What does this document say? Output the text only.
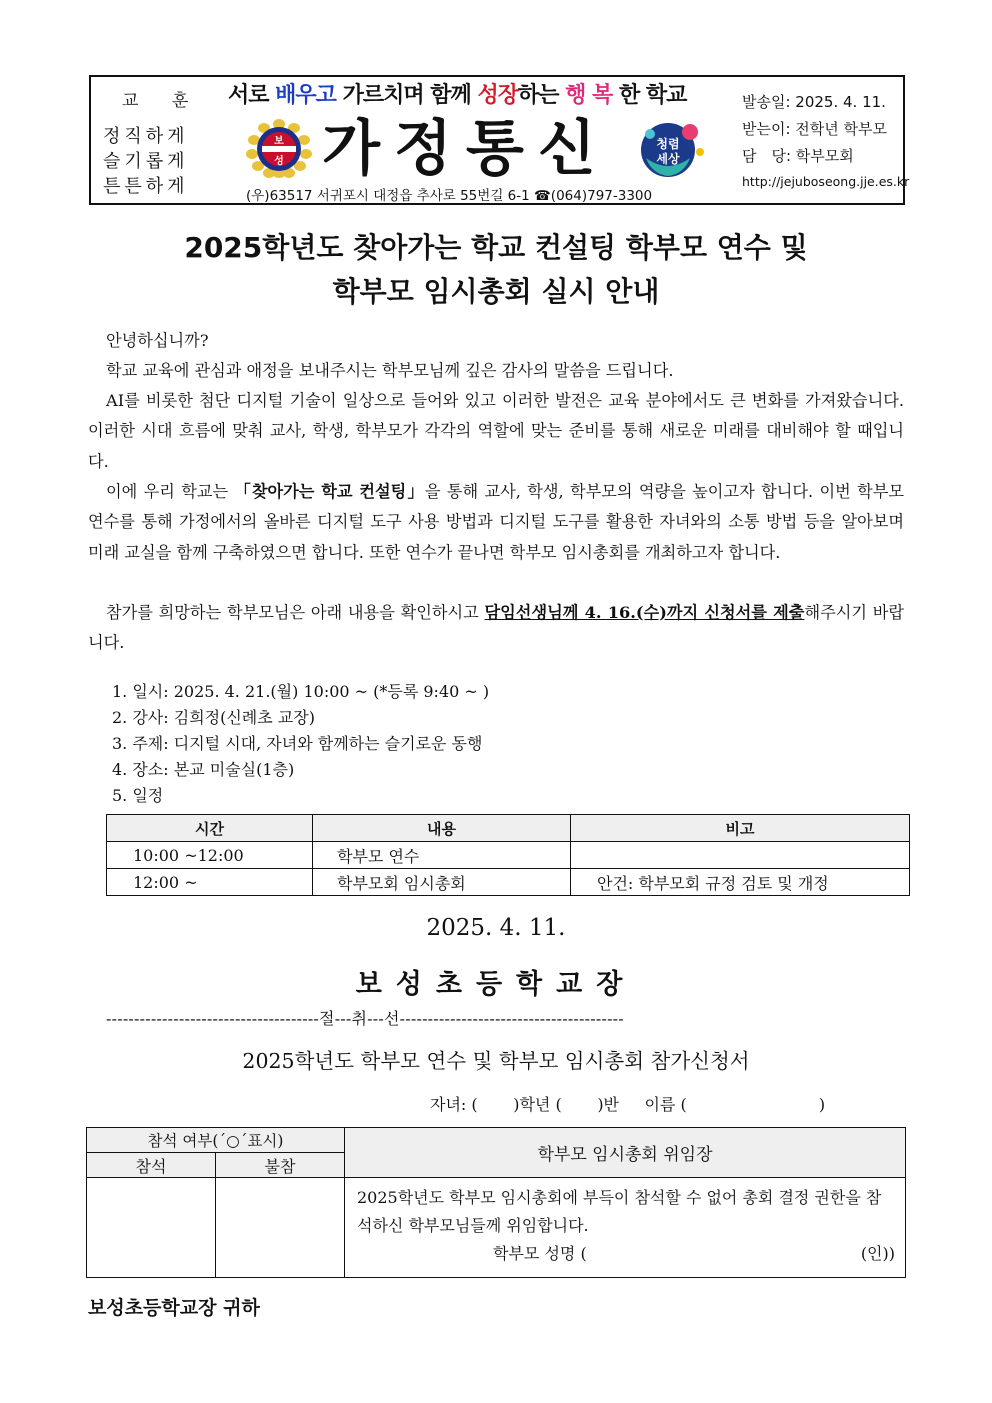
교 훈
정직하게
슬기롭게
튼튼하게
서로 배우고 가르치며 함께 성장하는 행 복 한 학교
보
성 가정통신	청렴
세상
(우)63517 서귀포시 대정읍 추사로 55번길 6-1 ☎(064)797-3300
발송일: 2025. 4. 11.
받는이: 전학년 학부모
담　당: 학부모회
http://jejuboseong.jje.es.kr
2025학년도 찾아가는 학교 컨설팅 학부모 연수 및
학부모 임시총회 실시 안내
안녕하십니까?
학교 교육에 관심과 애정을 보내주시는 학부모님께 깊은 감사의 말씀을 드립니다.
AI를 비롯한 첨단 디지털 기술이 일상으로 들어와 있고 이러한 발전은 교육 분야에서도 큰 변화를 가져왔습니다. 이러한 시대 흐름에 맞춰 교사, 학생, 학부모가 각각의 역할에 맞는 준비를 통해 새로운 미래를 대비해야 할 때입니다.
이에 우리 학교는 「찾아가는 학교 컨설팅」을 통해 교사, 학생, 학부모의 역량을 높이고자 합니다. 이번 학부모 연수를 통해 가정에서의 올바른 디지털 도구 사용 방법과 디지털 도구를 활용한 자녀와의 소통 방법 등을 알아보며 미래 교실을 함께 구축하였으면 합니다. 또한 연수가 끝나면 학부모 임시총회를 개최하고자 합니다.
참가를 희망하는 학부모님은 아래 내용을 확인하시고 담임선생님께 4. 16.(수)까지 신청서를 제출해주시기 바랍니다.
1. 일시: 2025. 4. 21.(월) 10:00 ~ (*등록 9:40 ~ )
2. 강사: 김희정(신례초 교장)
3. 주제: 디지털 시대, 자녀와 함께하는 슬기로운 동행
4. 장소: 본교 미술실(1층)
5. 일정
시간	내용	비고
10:00 ~12:00	학부모 연수	
12:00 ~	학부모회 임시총회	안건: 학부모회 규정 검토 및 개정
2025. 4. 11.
보성초등학교장
--------------------------------------절---취---선----------------------------------------
2025학년도 학부모 연수 및 학부모 임시총회 참가신청서
자녀: (       )학년 (       )반     이름 (                          )
참석 여부(´○´표시)		학부모 임시총회 위임장
참석	불참	

		2025학년도 학부모 임시총회에 부득이 참석할 수 없어 총회 결정 권한을 참석하신 학부모님들께 위임합니다.
학부모 성명 ( (인))
보성초등학교장 귀하
